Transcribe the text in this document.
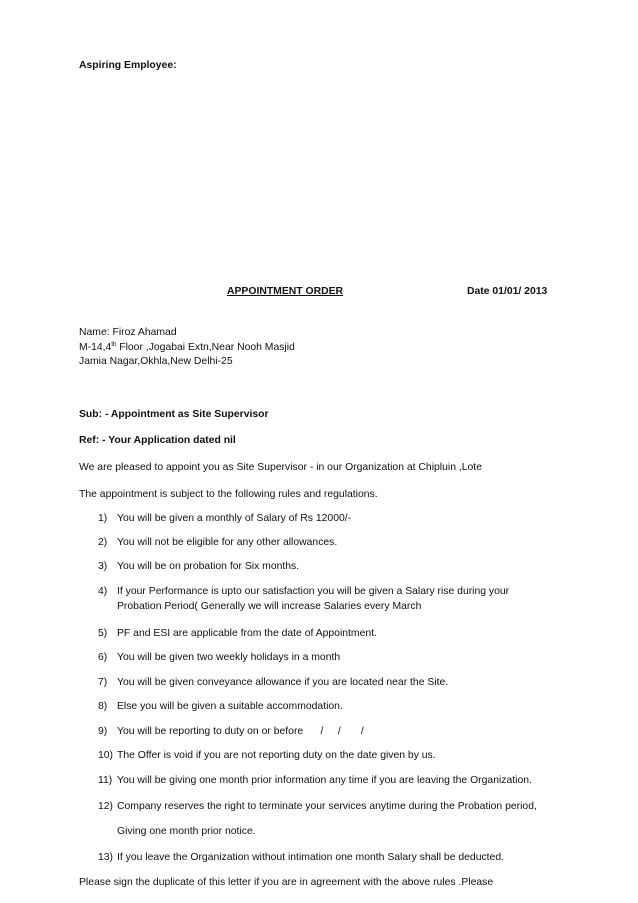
Aspiring Employee:
APPOINTMENT ORDER	Date 01/01/ 2013
Name: Firoz Ahamad
M-14,4th Floor ,Jogabai Extn,Near Nooh Masjid
Jamia Nagar,Okhla,New Delhi-25
Sub: - Appointment as Site Supervisor
Ref: - Your Application dated nil
We are pleased to appoint you as Site Supervisor - in our Organization at Chipluin ,Lote
The appointment is subject to the following rules and regulations.
1) You will be given a monthly of Salary of Rs 12000/-
2) You will not be eligible for any other allowances.
3) You will be on probation for Six months.
4) If your Performance is upto our satisfaction you will be given a Salary rise during your
Probation Period( Generally we will increase Salaries every March
5) PF and ESI are applicable from the date of Appointment.
6) You will be given two weekly holidays in a month
7) You will be given conveyance allowance if you are located near the Site.
8) Else you will be given a suitable accommodation.
9) You will be reporting to duty on or before      /     /       /
10) The Offer is void if you are not reporting duty on the date given by us.
11) You will be giving one month prior information any time if you are leaving the Organization.
12) Company reserves the right to terminate your services anytime during the Probation period,
Giving one month prior notice.
13) If you leave the Organization without intimation one month Salary shall be deducted.
Please sign the duplicate of this letter if you are in agreement with the above rules .Please
